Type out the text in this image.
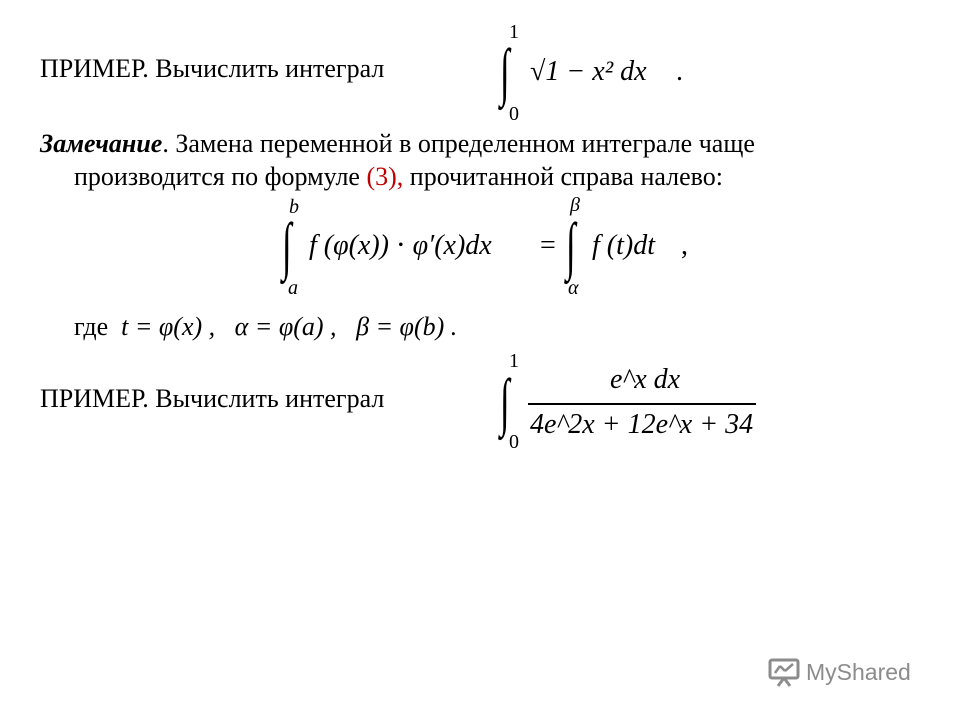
ПРИМЕР. Вычислить интеграл
1
∫
0
√1 − x² dx .
Замечание. Замена переменной в определенном интеграле чаще
производится по формуле (3), прочитанной справа налево:
b
∫
a
f (φ(x)) ⋅ φ′(x)dx =
β
∫
α
f (t)dt ,
где t = φ(x) , α = φ(a) , β = φ(b) .
ПРИМЕР. Вычислить интеграл
1
∫
0
e^x dx
4e^2x + 12e^x + 34
MyShared
